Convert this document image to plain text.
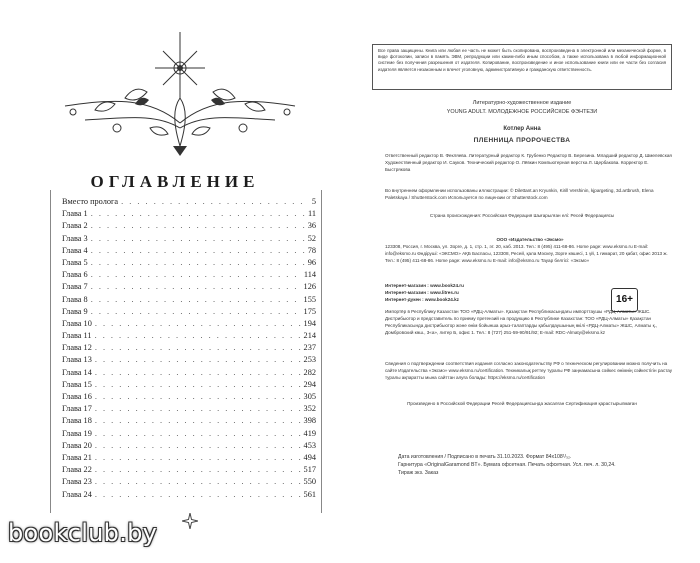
ОГЛАВЛЕНИЕ
Вместо пролога . . .	5
Глава 1 . . .	11
Глава 2 . . .	36
Глава 3 . . .	52
Глава 4 . . .	78
Глава 5 . . .	96
Глава 6 . . .	114
Глава 7 . . .	126
Глава 8 . . .	155
Глава 9 . . .	175
Глава 10 . . .	194
Глава 11 . . .	214
Глава 12 . . .	237
Глава 13 . . .	253
Глава 14 . . .	282
Глава 15 . . .	294
Глава 16 . . .	305
Глава 17 . . .	352
Глава 18 . . .	398
Глава 19 . . .	419
Глава 20 . . .	453
Глава 21 . . .	494
Глава 22 . . .	517
Глава 23 . . .	550
Глава 24 . . .	561
Все права защищены. Книга или любая ее часть не может быть скопирована, воспроизведена в электронной или механической форме, в виде фотокопии, записи в память ЭВМ, репродукции или каким-либо иным способом, а также использована в любой информационной системе без получения разрешения от издателя. Копирование, воспроизведение и иное использование книги или ее части без согласия издателя является незаконным и влечет уголовную, административную и гражданскую ответственность.
Литературно-художественное издание
YOUNG ADULT. МОЛОДЕЖНОЕ РОССИЙСКОЕ ФЭНТЕЗИ
Котлер Анна
ПЛЕННИЦА ПРОРОЧЕСТВА
Ответственный редактор В. Фекляева. Литературный редактор К. Грубенко Редактор В. Березина. Младший редактор Д. Шмелевская Художественный редактор И. Сауков. Технический редактор О. Лёвкин Компьютерная верстка Л. Щербакова. Корректор Е. Быстрякова
Во внутреннем оформлении использованы иллюстрации: © Dilettant.an Kryunkin, Kirill Vershinin, kjpargeting, 3d.artbrush, Elena Paletskaya / Shutterstock.com Используется по лицензии от Shutterstock.com
Страна происхождения: Российская Федерация Шығарылған елі: Ресей Федерациясы
ООО «Издательство «Эксмо»
123308, Россия, г. Москва, ул. Зорге, д. 1, стр. 1, эт. 20, каб. 2013. Тел.: 8 (495) 411-68-86. Home page: www.eksmo.ru E-mail: info@eksmo.ru Өндіруші: «ЭКСМО» АҚБ Баспасы, 123308, Ресей, қала Мәскеу, Зорге көшесі, 1 үй, 1 ғимарат, 20 қабат, офис 2013 ж. Тел.: 8 (495) 411-68-86. Home page: www.eksmo.ru E-mail: info@eksmo.ru Тауар белгісі: «Эксмо»
Интернет-магазин : www.book24.ru
Интернет-магазин : www.litres.ru
Интернет-дүкен : www.book24.kz	16+
Импортёр в Республику Казахстан ТОО «РДЦ-Алматы». Қазақстан Республикасындағы импорттаушы «РДЦ-Алматы» ЖШС. Дистрибьютор и представитель по приему претензий на продукцию в Республике Казахстан: ТОО «РДЦ-Алматы» Қазақстан Республикасында дистрибьютор және өнім бойынша арыз-талаптарды қабылдаушының өкілі «РДЦ-Алматы» ЖШС, Алматы қ., Домбровский көш., 3«а», литер Б, офис 1. Тел.: 8 (727) 251-59-90/91/92; E-mail: RDC-Almaty@eksmo.kz
Сведения о подтверждении соответствия издания согласно законодательству РФ о техническом регулировании можно получить на сайте Издательства «Эксмо» www.eksmo.ru/certification. Техникалық реттеу туралы РФ заңнамасына сәйкес өнімнің сәйкестігін растау туралы ақпаратты мына сайттан алуға болады: https://eksmo.ru/certification
Произведено в Российской Федерации Ресей Федерациясында жасалған Сертификация қарастырылмаған
Дата изготовления / Подписано в печать 31.10.2023. Формат 84x108¹/₃₂.
Гарнитура «OriginalGaramond BT». Бумага офсетная. Печать офсетная. Усл. печ. л. 30,24.
Тираж экз. Заказ
bookclub.by
